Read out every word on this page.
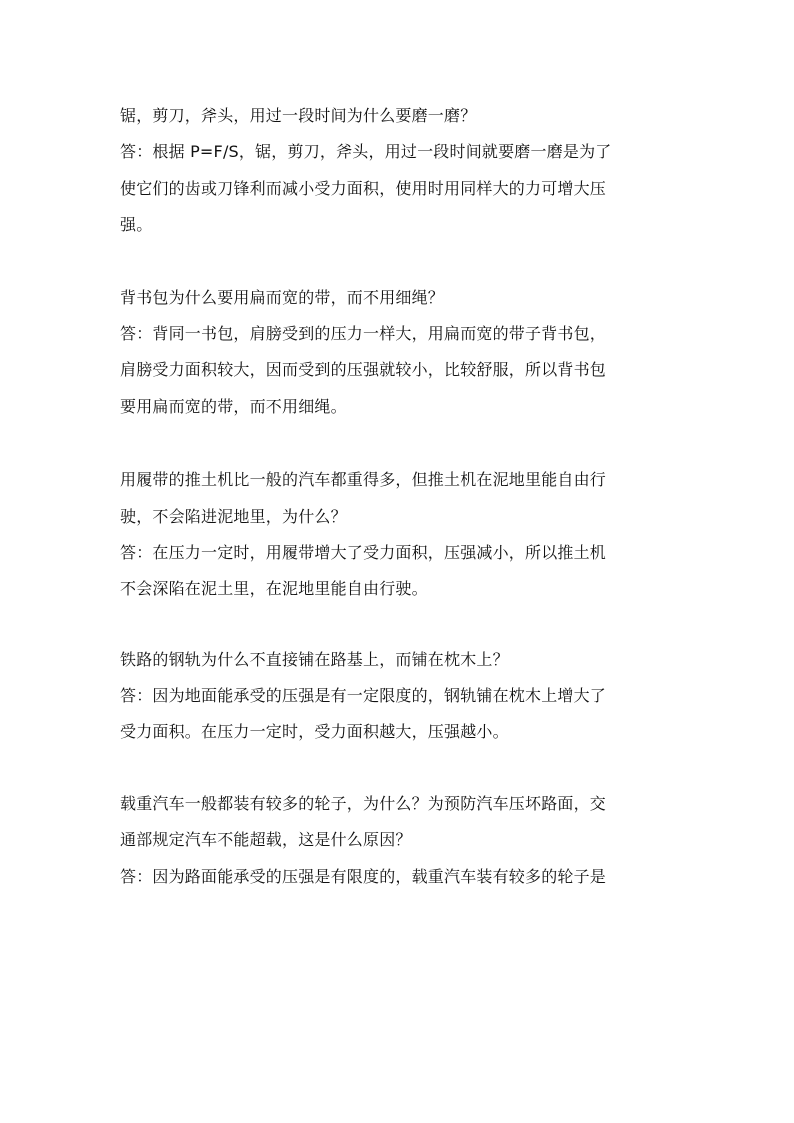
锯，剪刀，斧头，用过一段时间为什么要磨一磨？
答：根据 P=F/S，锯，剪刀，斧头，用过一段时间就要磨一磨是为了
使它们的齿或刀锋利而减小受力面积，使用时用同样大的力可增大压
强。
背书包为什么要用扁而宽的带，而不用细绳？
答：背同一书包，肩膀受到的压力一样大，用扁而宽的带子背书包，
肩膀受力面积较大，因而受到的压强就较小，比较舒服，所以背书包
要用扁而宽的带，而不用细绳。
用履带的推土机比一般的汽车都重得多，但推土机在泥地里能自由行
驶，不会陷进泥地里，为什么？
答：在压力一定时，用履带增大了受力面积，压强减小，所以推土机
不会深陷在泥土里，在泥地里能自由行驶。
铁路的钢轨为什么不直接铺在路基上，而铺在枕木上？
答：因为地面能承受的压强是有一定限度的，钢轨铺在枕木上增大了
受力面积。在压力一定时，受力面积越大，压强越小。
载重汽车一般都装有较多的轮子，为什么？为预防汽车压坏路面，交
通部规定汽车不能超载，这是什么原因？
答：因为路面能承受的压强是有限度的，载重汽车装有较多的轮子是
